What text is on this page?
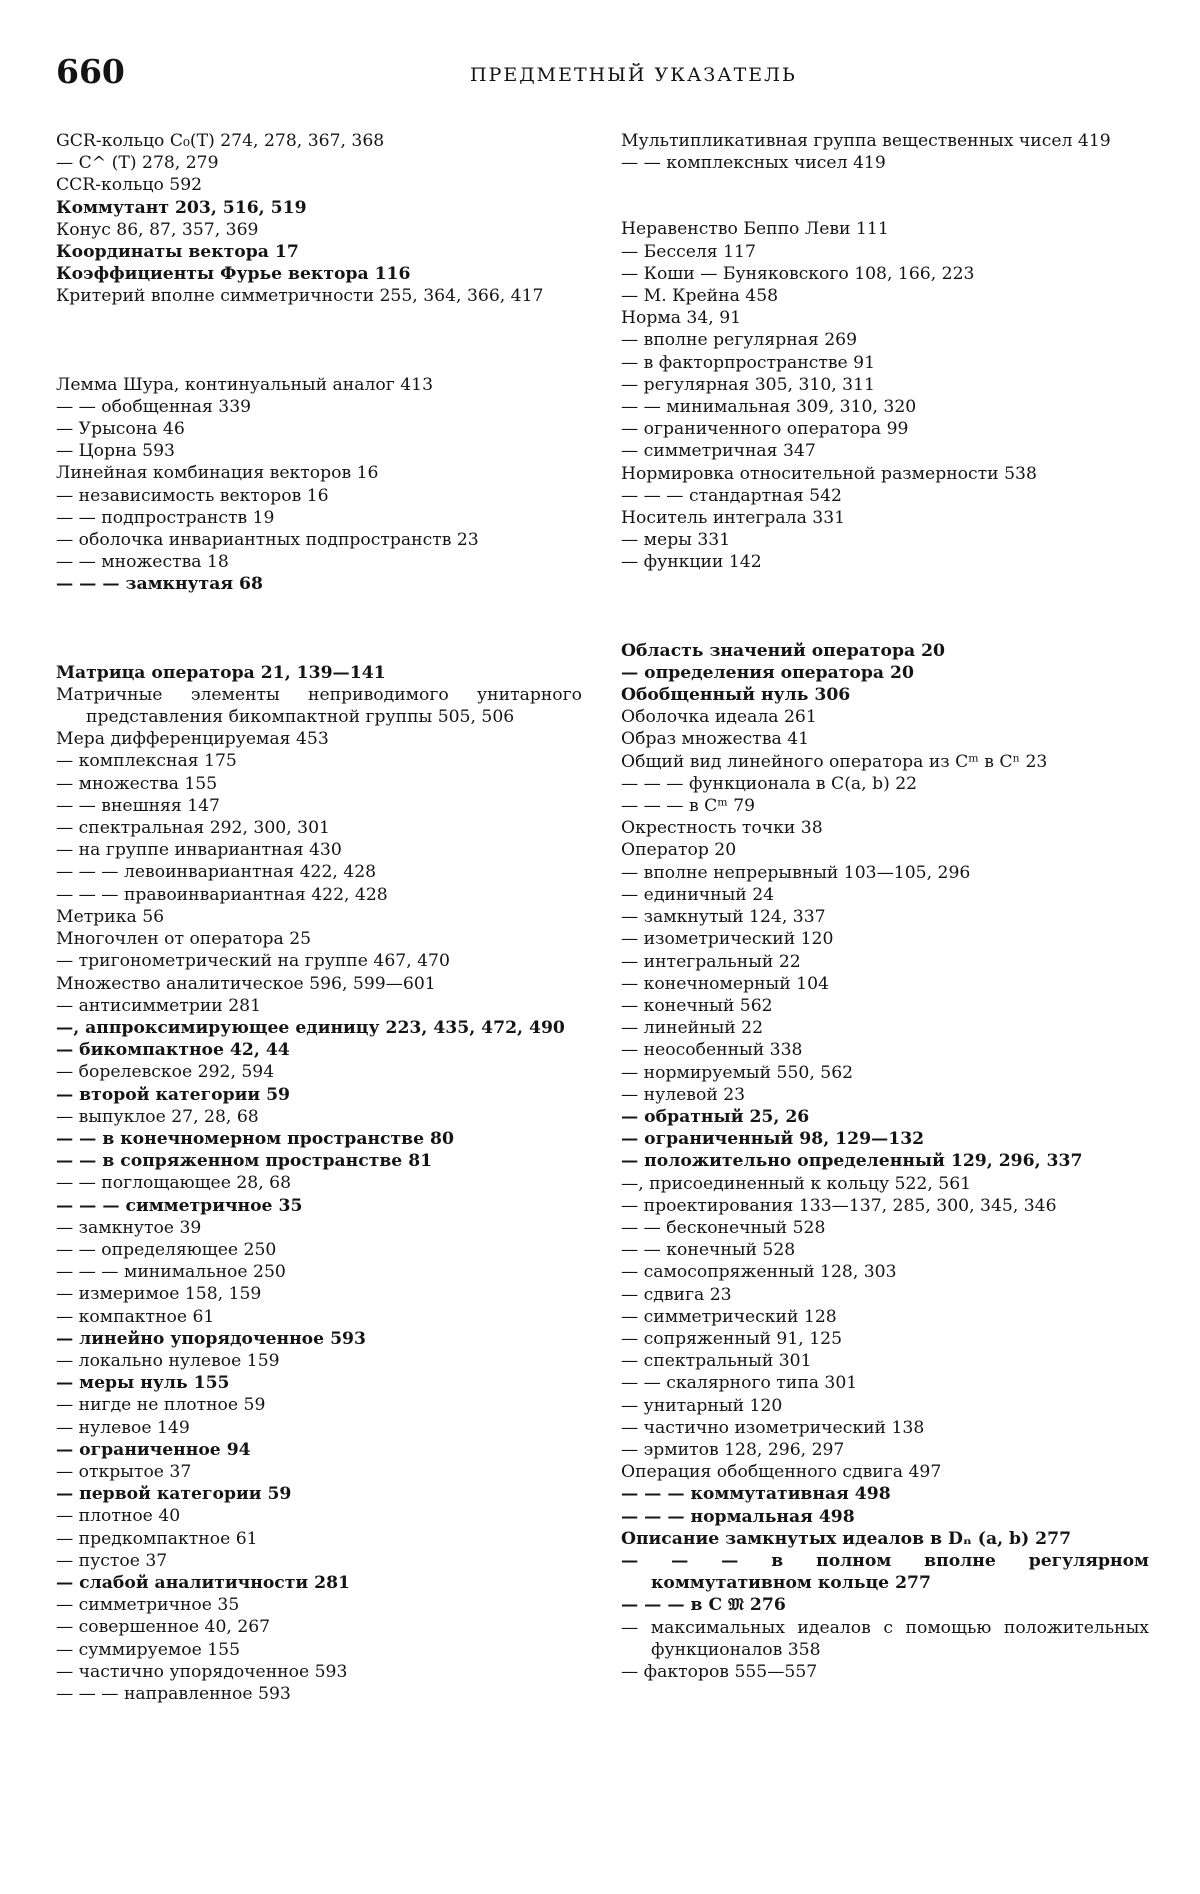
660	ПРЕДМЕТНЫЙ УКАЗАТЕЛЬ

GCR-кольцо C₀(T) 274, 278, 367, 368

— C^ (T) 278, 279

CCR-кольцо 592

Коммутант 203, 516, 519

Конус 86, 87, 357, 369

Координаты вектора 17

Коэффициенты Фурье вектора 116

Критерий вполне симметричности 255, 364, 366, 417

Лемма Шура, континуальный аналог 413

— — обобщенная 339

— Урысона 46

— Цорна 593

Линейная комбинация векторов 16

— независимость векторов 16

— — подпространств 19

— оболочка инвариантных подпространств 23

— — множества 18

— — — замкнутая 68

Матрица оператора 21, 139—141

Матричные элементы неприводимого унитарного представления бикомпактной группы 505, 506

Мера дифференцируемая 453

— комплексная 175

— множества 155

— — внешняя 147

— спектральная 292, 300, 301

— на группе инвариантная 430

— — — левоинвариантная 422, 428

— — — правоинвариантная 422, 428

Метрика 56

Многочлен от оператора 25

— тригонометрический на группе 467, 470

Множество аналитическое 596, 599—601

— антисимметрии 281

—, аппроксимирующее единицу 223, 435, 472, 490

— бикомпактное 42, 44

— борелевское 292, 594

— второй категории 59

— выпуклое 27, 28, 68

— — в конечномерном пространстве 80

— — в сопряженном пространстве 81

— — поглощающее 28, 68

— — — симметричное 35

— замкнутое 39

— — определяющее 250

— — — минимальное 250

— измеримое 158, 159

— компактное 61

— линейно упорядоченное 593

— локально нулевое 159

— меры нуль 155

— нигде не плотное 59

— нулевое 149

— ограниченное 94

— открытое 37

— первой категории 59

— плотное 40

— предкомпактное 61

— пустое 37

— слабой аналитичности 281

— симметричное 35

— совершенное 40, 267

— суммируемое 155

— частично упорядоченное 593

— — — направленное 593

Мультипликативная группа вещественных чисел 419

— — комплексных чисел 419

Неравенство Беппо Леви 111

— Бесселя 117

— Коши — Буняковского 108, 166, 223

— М. Крейна 458

Норма 34, 91

— вполне регулярная 269

— в факторпространстве 91

— регулярная 305, 310, 311

— — минимальная 309, 310, 320

— ограниченного оператора 99

— симметричная 347

Нормировка относительной размерности 538

— — — стандартная 542

Носитель интеграла 331

— меры 331

— функции 142

Область значений оператора 20

— определения оператора 20

Обобщенный нуль 306

Оболочка идеала 261

Образ множества 41

Общий вид линейного оператора из Cᵐ в Cⁿ 23

— — — функционала в C(a, b) 22

— — — в Cᵐ 79

Окрестность точки 38

Оператор 20

— вполне непрерывный 103—105, 296

— единичный 24

— замкнутый 124, 337

— изометрический 120

— интегральный 22

— конечномерный 104

— конечный 562

— линейный 22

— неособенный 338

— нормируемый 550, 562

— нулевой 23

— обратный 25, 26

— ограниченный 98, 129—132

— положительно определенный 129, 296, 337

—, присоединенный к кольцу 522, 561

— проектирования 133—137, 285, 300, 345, 346

— — бесконечный 528

— — конечный 528

— самосопряженный 128, 303

— сдвига 23

— симметрический 128

— сопряженный 91, 125

— спектральный 301

— — скалярного типа 301

— унитарный 120

— частично изометрический 138

— эрмитов 128, 296, 297

Операция обобщенного сдвига 497

— — — коммутативная 498

— — — нормальная 498

Описание замкнутых идеалов в Dₙ (a, b) 277

— — — в полном вполне регулярном коммутативном кольце 277

— — — в C 𝔐 276

— максимальных идеалов с помощью положительных функционалов 358

— факторов 555—557
